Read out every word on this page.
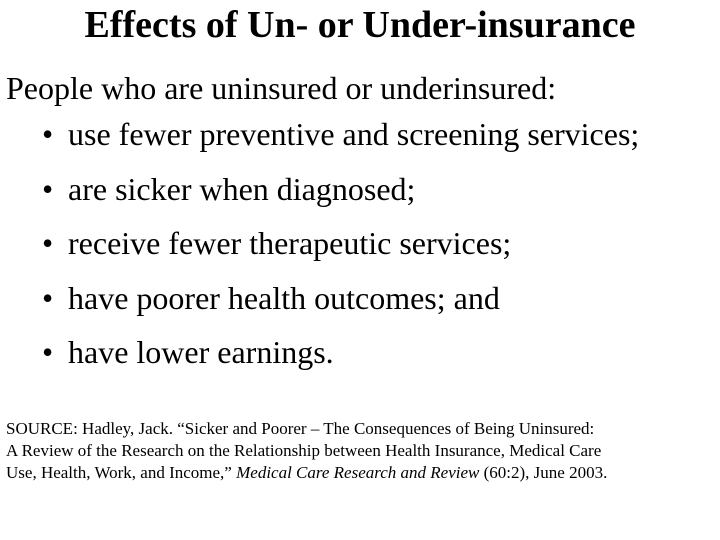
Effects of Un- or Under-insurance
People who are uninsured or underinsured:
• use fewer preventive and screening services;
• are sicker when diagnosed;
• receive fewer therapeutic services;
• have poorer health outcomes; and
• have lower earnings.
SOURCE: Hadley, Jack. “Sicker and Poorer – The Consequences of Being Uninsured:
A Review of the Research on the Relationship between Health Insurance, Medical Care
Use, Health, Work, and Income,” Medical Care Research and Review (60:2), June 2003.
